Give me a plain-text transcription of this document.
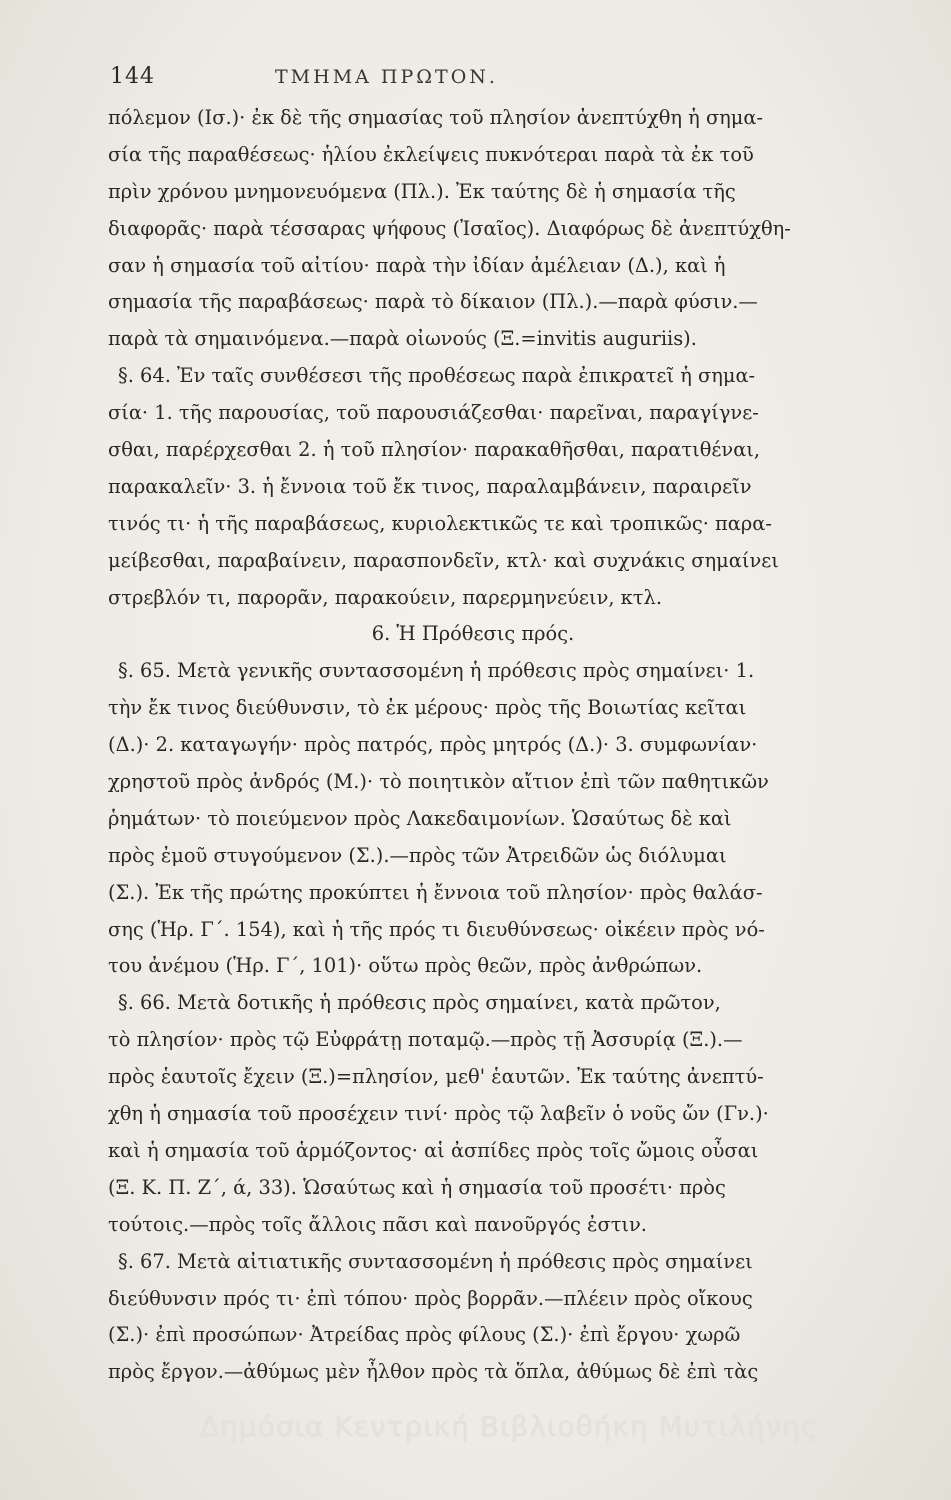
144	ΤΜΗΜΑ ΠΡΩΤΟΝ.
πόλεμον (Ισ.)· ἐκ δὲ τῆς σημασίας τοῦ πλησίον ἀνεπτύχθη ἡ σημα-
σία τῆς παραθέσεως· ἡλίου ἐκλείψεις πυκνότεραι παρὰ τὰ ἐκ τοῦ
πρὶν χρόνου μνημονευόμενα (Πλ.). Ἐκ ταύτης δὲ ἡ σημασία τῆς
διαφορᾶς· παρὰ τέσσαρας ψήφους (Ἰσαῖος). Διαφόρως δὲ ἀνεπτύχθη-
σαν ἡ σημασία τοῦ αἰτίου· παρὰ τὴν ἰδίαν ἀμέλειαν (Δ.), καὶ ἡ
σημασία τῆς παραβάσεως· παρὰ τὸ δίκαιον (Πλ.).—παρὰ φύσιν.—
παρὰ τὰ σημαινόμενα.—παρὰ οἰωνούς (Ξ.=invitis auguriis).
§. 64. Ἐν ταῖς συνθέσεσι τῆς προθέσεως παρὰ ἐπικρατεῖ ἡ σημα-
σία· 1. τῆς παρουσίας, τοῦ παρουσιάζεσθαι· παρεῖναι, παραγίγνε-
σθαι, παρέρχεσθαι 2. ἡ τοῦ πλησίον· παρακαθῆσθαι, παρατιθέναι,
παρακαλεῖν· 3. ἡ ἔννοια τοῦ ἔκ τινος, παραλαμβάνειν, παραιρεῖν
τινός τι· ἡ τῆς παραβάσεως, κυριολεκτικῶς τε καὶ τροπικῶς· παρα-
μείβεσθαι, παραβαίνειν, παρασπονδεῖν, κτλ· καὶ συχνάκις σημαίνει
στρεβλόν τι, παρορᾶν, παρακούειν, παρερμηνεύειν, κτλ.
6. Ἡ Πρόθεσις πρός.
§. 65. Μετὰ γενικῆς συντασσομένη ἡ πρόθεσις πρὸς σημαίνει· 1.
τὴν ἔκ τινος διεύθυνσιν, τὸ ἐκ μέρους· πρὸς τῆς Βοιωτίας κεῖται
(Δ.)· 2. καταγωγήν· πρὸς πατρός, πρὸς μητρός (Δ.)· 3. συμφωνίαν·
χρηστοῦ πρὸς ἀνδρός (Μ.)· τὸ ποιητικὸν αἴτιον ἐπὶ τῶν παθητικῶν
ῥημάτων· τὸ ποιεύμενον πρὸς Λακεδαιμονίων. Ὡσαύτως δὲ καὶ
πρὸς ἐμοῦ στυγούμενον (Σ.).—πρὸς τῶν Ἀτρειδῶν ὡς διόλυμαι
(Σ.). Ἐκ τῆς πρώτης προκύπτει ἡ ἔννοια τοῦ πλησίον· πρὸς θαλάσ-
σης (Ἡρ. Γ΄. 154), καὶ ἡ τῆς πρός τι διευθύνσεως· οἰκέειν πρὸς νό-
του ἀνέμου (Ἡρ. Γ΄, 101)· οὕτω πρὸς θεῶν, πρὸς ἀνθρώπων.
§. 66. Μετὰ δοτικῆς ἡ πρόθεσις πρὸς σημαίνει, κατὰ πρῶτον,
τὸ πλησίον· πρὸς τῷ Εὐφράτῃ ποταμῷ.—πρὸς τῇ Ἀσσυρίᾳ (Ξ.).—
πρὸς ἑαυτοῖς ἔχειν (Ξ.)=πλησίον, μεθ' ἑαυτῶν. Ἐκ ταύτης ἀνεπτύ-
χθη ἡ σημασία τοῦ προσέχειν τινί· πρὸς τῷ λαβεῖν ὁ νοῦς ὤν (Γν.)·
καὶ ἡ σημασία τοῦ ἁρμόζοντος· αἱ ἀσπίδες πρὸς τοῖς ὤμοις οὖσαι
(Ξ. Κ. Π. Ζ΄, ά, 33). Ὡσαύτως καὶ ἡ σημασία τοῦ προσέτι· πρὸς
τούτοις.—πρὸς τοῖς ἄλλοις πᾶσι καὶ πανοῦργός ἐστιν.
§. 67. Μετὰ αἰτιατικῆς συντασσομένη ἡ πρόθεσις πρὸς σημαίνει
διεύθυνσιν πρός τι· ἐπὶ τόπου· πρὸς βορρᾶν.—πλέειν πρὸς οἴκους
(Σ.)· ἐπὶ προσώπων· Ἀτρείδας πρὸς φίλους (Σ.)· ἐπὶ ἔργου· χωρῶ
πρὸς ἔργον.—ἀθύμως μὲν ἦλθον πρὸς τὰ ὅπλα, ἀθύμως δὲ ἐπὶ τὰς
Δημόσια Κεντρική Βιβλιοθήκη Μυτιλήνης
